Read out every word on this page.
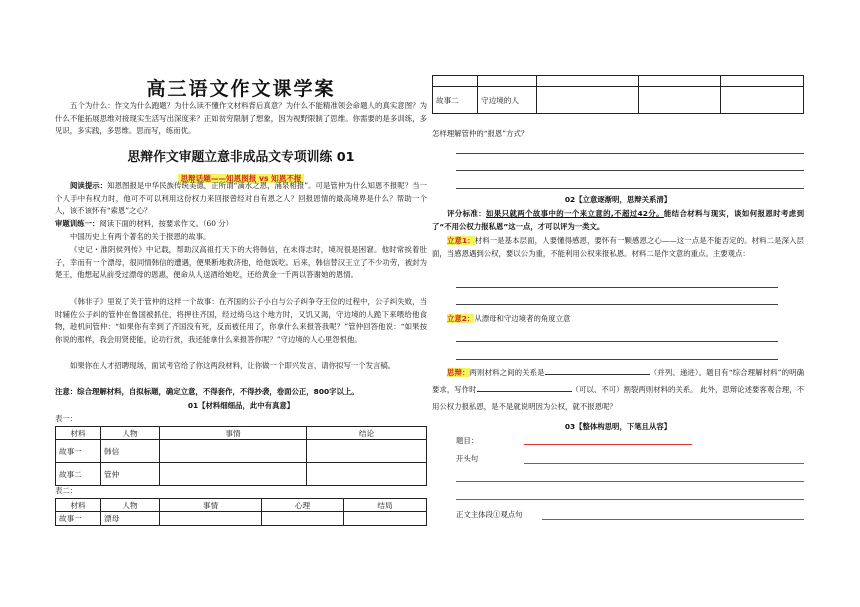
高三语文作文课学案
五个为什么：作文为什么跑题？为什么读不懂作文材料背后真意？为什么不能精准领会命题人的真实意图？为什么不能拓展思维对接现实生活写出深度来？正如贫穷限制了想象，因为视野限制了思维。你需要的是多训练，多见识，多实践，多思维。思而写，练而优。
思辩作文审题立意非成品文专项训练 01
思辩话题——知恩图报 vs 知恩不报
阅读提示：知恩图报是中华民族传统美德，正所谓“滴水之恩，涌泉相报”。可是管仲为什么知恩不报呢？当一个人手中有权力时，他可不可以利用这份权力来回报曾经对自有恩之人？回报恩情的最高境界是什么？帮助一个人，该不该怀有“索恩”之心？
审题训练一：阅读下面的材料，按要求作文。（60 分）
中国历史上有两个著名的关于报恩的故事。
《史记・淮阴侯列传》中记载，帮助汉高祖打天下的大将韩信，在未得志时，境况很是困窘。他时常挨着肚子，幸而有一个漂母，很同情韩信的遭遇，便果断地救济他，给他饭吃。后来，韩信替汉王立了不少功劳，被封为楚王，他想起从前受过漂母的恩惠，便命从人送酒给她吃，还给黄金一千两以答谢她的恩情。
《韩非子》里说了关于管仲的这样一个故事：在齐国的公子小白与公子纠争夺王位的过程中，公子纠失败，当时辅佐公子纠的管仲在鲁国被抓住，将押往齐国，经过绮乌这个地方时，又饥又渴，守边境的人跪下来喂给他食物，趁机问管仲：“如果你有幸到了齐国没有死，反而被任用了，你拿什么来报答我呢？”管仲回答他说：“如果按你说的那样，我会用贤使能，论功行赏，我还能拿什么来报答你呢？”守边境的人心里怨恨他。
如果你在人才招聘现场，面试考官给了你这两段材料，让你做一个即兴发言，请你拟写一个发言稿。
注意：综合理解材料，自拟标题，确定立意，不得套作，不得抄袭，卷面公正，800字以上。
01【材料细细品，此中有真意】
表一：
材料	人物	事情	结论
故事一	韩信		
故事二	管仲		
表二：
材料	人物	事情	心理	结局
故事一	漂母			

故事二	守边境的人			
怎样理解管仲的“报恩”方式？
02【立意逐渐明，思辩关系清】
评分标准：如果只就两个故事中的一个来立意的,不超过42分。能结合材料与现实，谈如何报恩时考虑到了“不用公权力报私恩”这一点，才可以评为一类文。
立意1：材料一是基本层面，人要懂得感恩，要怀有一颗感恩之心——这一点是不能否定的。材料二是深入层面，当感恩遇到公权，要以公为重，不能利用公权来报私恩。材料二是作文意的重点。主要观点：
立意2：从漂母和守边境者的角度立意
思辩：两则材料之间的关系是	（并列、递进）。题目有“综合理解材料”的明确要求，写作时	（可以、不可）割裂两则材料的关系。 此外，思辩论述要客观合理，不用公权力报私恩，是不是就说明因为公权，就不报恩呢？
03【整体构思明，下笔且从容】
题目：
开头句
正文主体段①观点句
